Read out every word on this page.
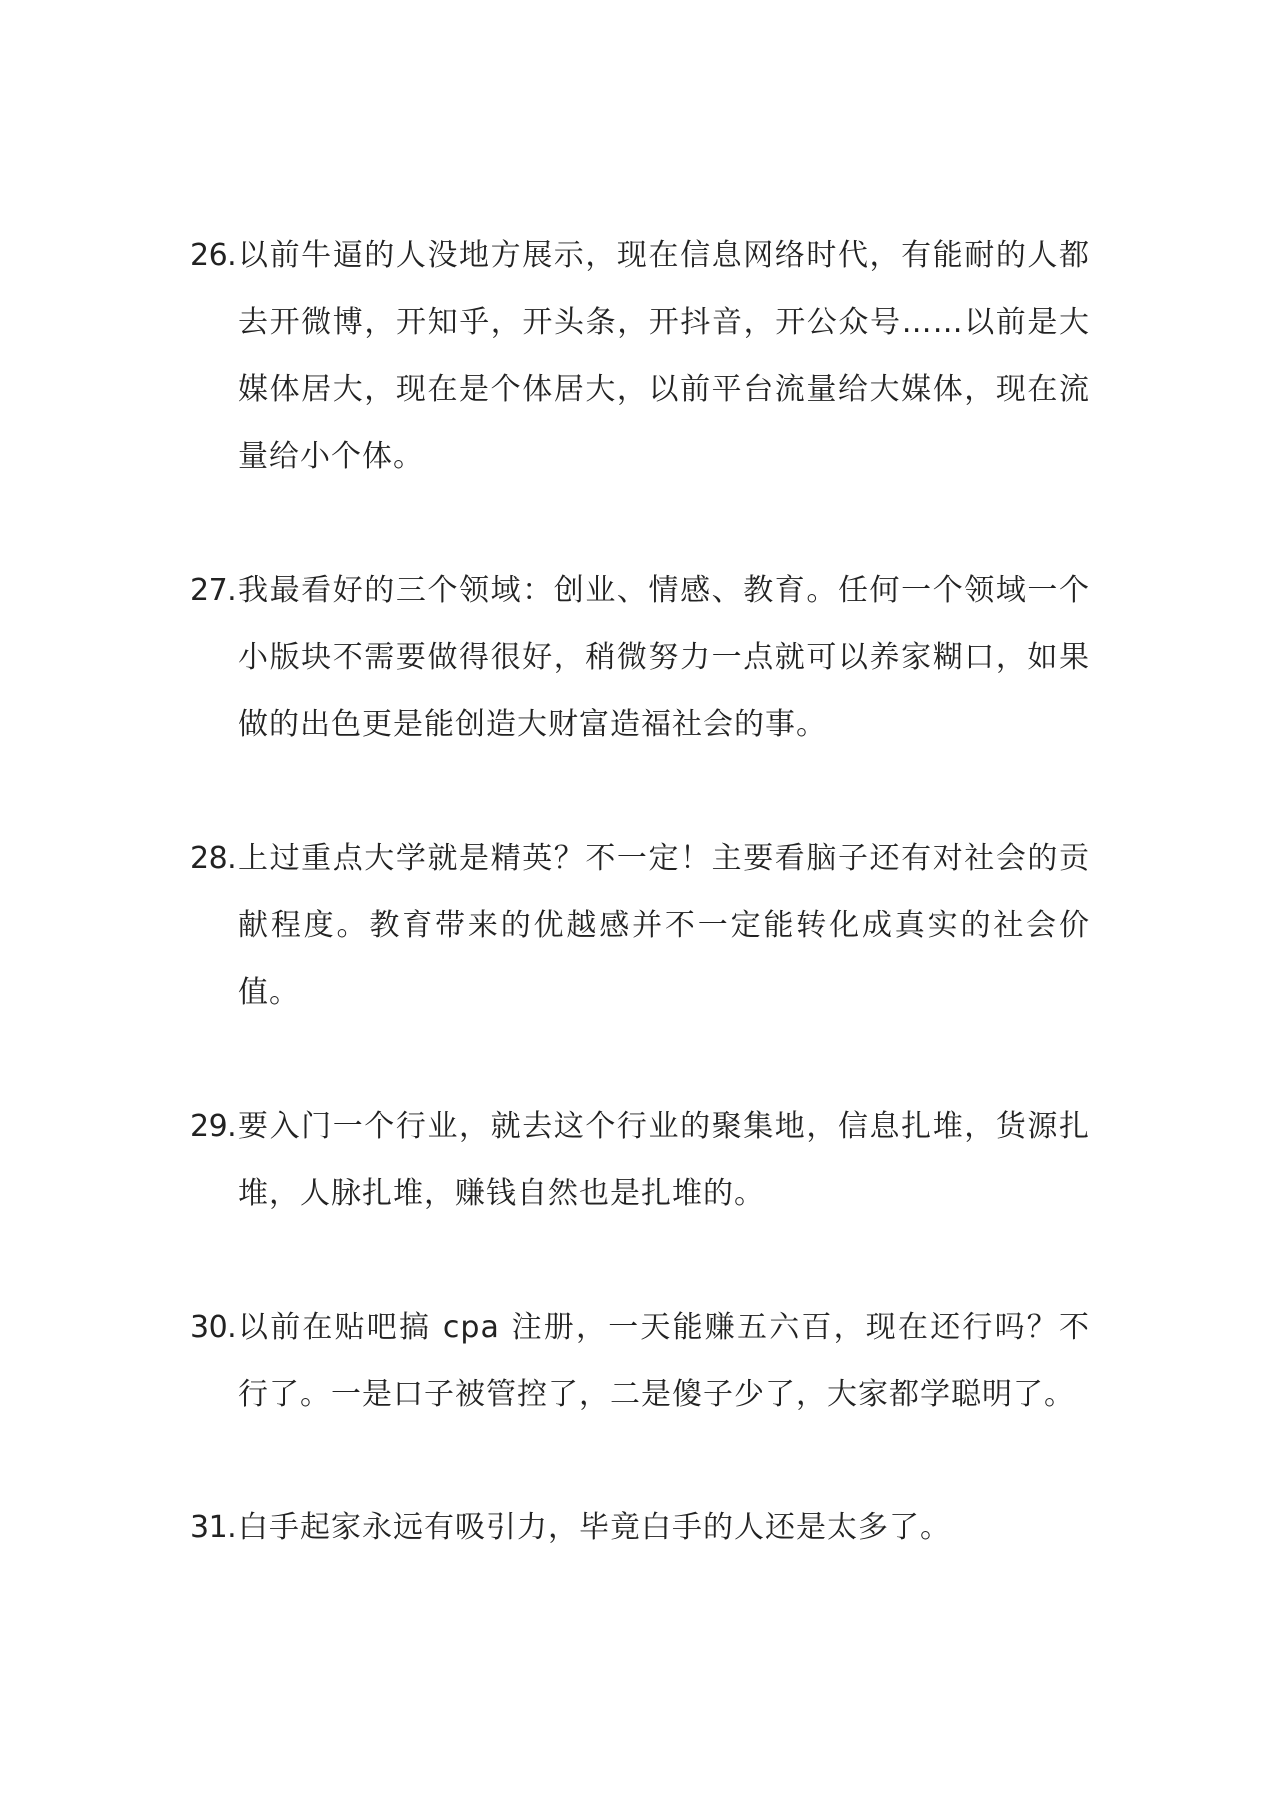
26. 以前牛逼的人没地方展示，现在信息网络时代，有能耐的人都去开微博，开知乎，开头条，开抖音，开公众号……以前是大媒体居大，现在是个体居大，以前平台流量给大媒体，现在流量给小个体。
27. 我最看好的三个领域：创业、情感、教育。任何一个领域一个小版块不需要做得很好，稍微努力一点就可以养家糊口，如果做的出色更是能创造大财富造福社会的事。
28. 上过重点大学就是精英？不一定！主要看脑子还有对社会的贡献程度。教育带来的优越感并不一定能转化成真实的社会价值。
29. 要入门一个行业，就去这个行业的聚集地，信息扎堆，货源扎堆，人脉扎堆，赚钱自然也是扎堆的。
30. 以前在贴吧搞 cpa 注册，一天能赚五六百，现在还行吗？不行了。一是口子被管控了，二是傻子少了，大家都学聪明了。
31. 白手起家永远有吸引力，毕竟白手的人还是太多了。
